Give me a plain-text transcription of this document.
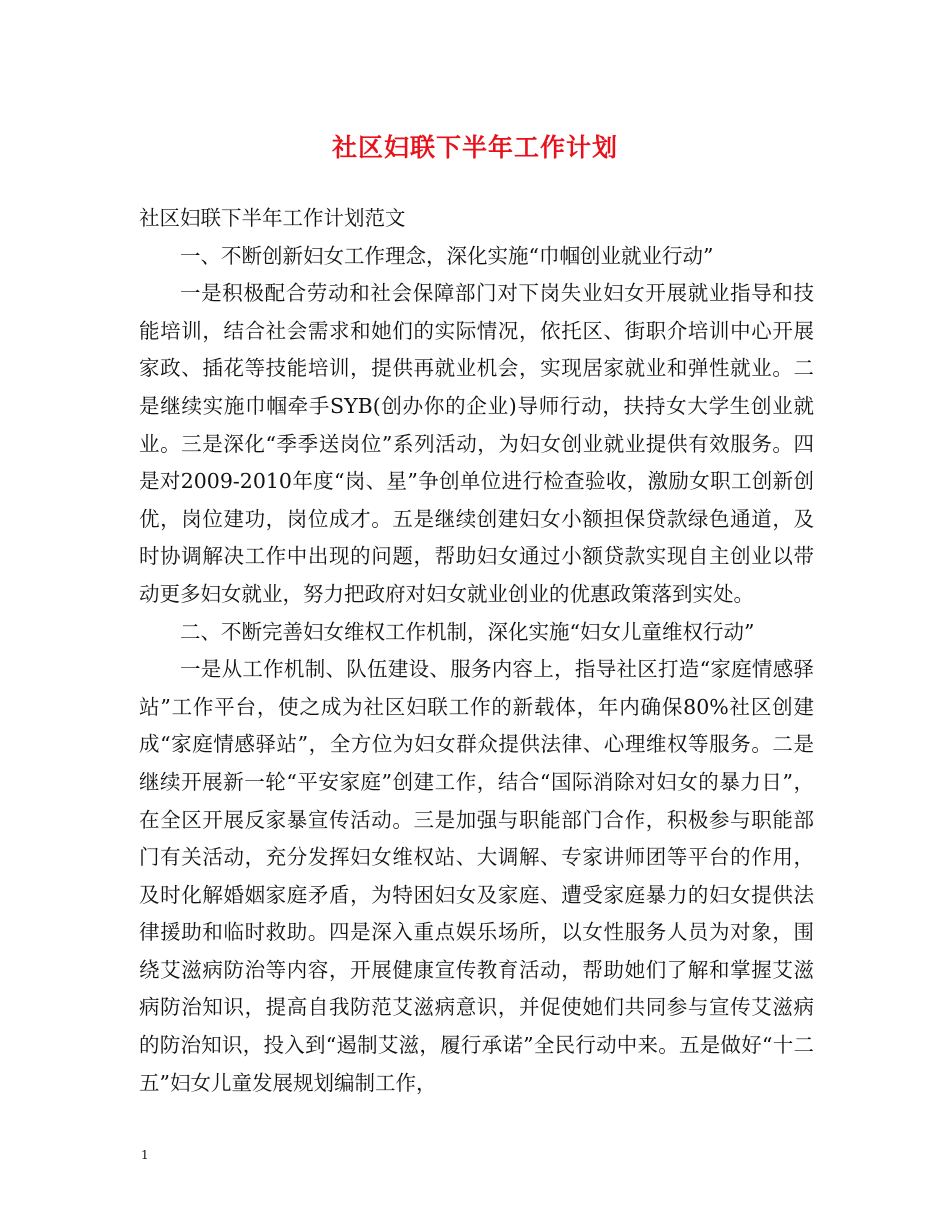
社区妇联下半年工作计划

社区妇联下半年工作计划范文

一、不断创新妇女工作理念，深化实施“巾帼创业就业行动”

一是积极配合劳动和社会保障部门对下岗失业妇女开展就业指导和技能培训，结合社会需求和她们的实际情况，依托区、街职介培训中心开展家政、插花等技能培训，提供再就业机会，实现居家就业和弹性就业。二是继续实施巾帼牵手SYB(创办你的企业)导师行动，扶持女大学生创业就业。三是深化“季季送岗位”系列活动，为妇女创业就业提供有效服务。四是对2009-2010年度“岗、星”争创单位进行检查验收，激励女职工创新创优，岗位建功，岗位成才。五是继续创建妇女小额担保贷款绿色通道，及时协调解决工作中出现的问题，帮助妇女通过小额贷款实现自主创业以带动更多妇女就业，努力把政府对妇女就业创业的优惠政策落到实处。

二、不断完善妇女维权工作机制，深化实施“妇女儿童维权行动”

一是从工作机制、队伍建设、服务内容上，指导社区打造“家庭情感驿站”工作平台，使之成为社区妇联工作的新载体，年内确保80%社区创建成“家庭情感驿站”，全方位为妇女群众提供法律、心理维权等服务。二是继续开展新一轮“平安家庭”创建工作，结合“国际消除对妇女的暴力日”，在全区开展反家暴宣传活动。三是加强与职能部门合作，积极参与职能部门有关活动，充分发挥妇女维权站、大调解、专家讲师团等平台的作用，及时化解婚姻家庭矛盾，为特困妇女及家庭、遭受家庭暴力的妇女提供法律援助和临时救助。四是深入重点娱乐场所，以女性服务人员为对象，围绕艾滋病防治等内容，开展健康宣传教育活动，帮助她们了解和掌握艾滋病防治知识，提高自我防范艾滋病意识，并促使她们共同参与宣传艾滋病的防治知识，投入到“遏制艾滋，履行承诺”全民行动中来。五是做好“十二五”妇女儿童发展规划编制工作，

1
